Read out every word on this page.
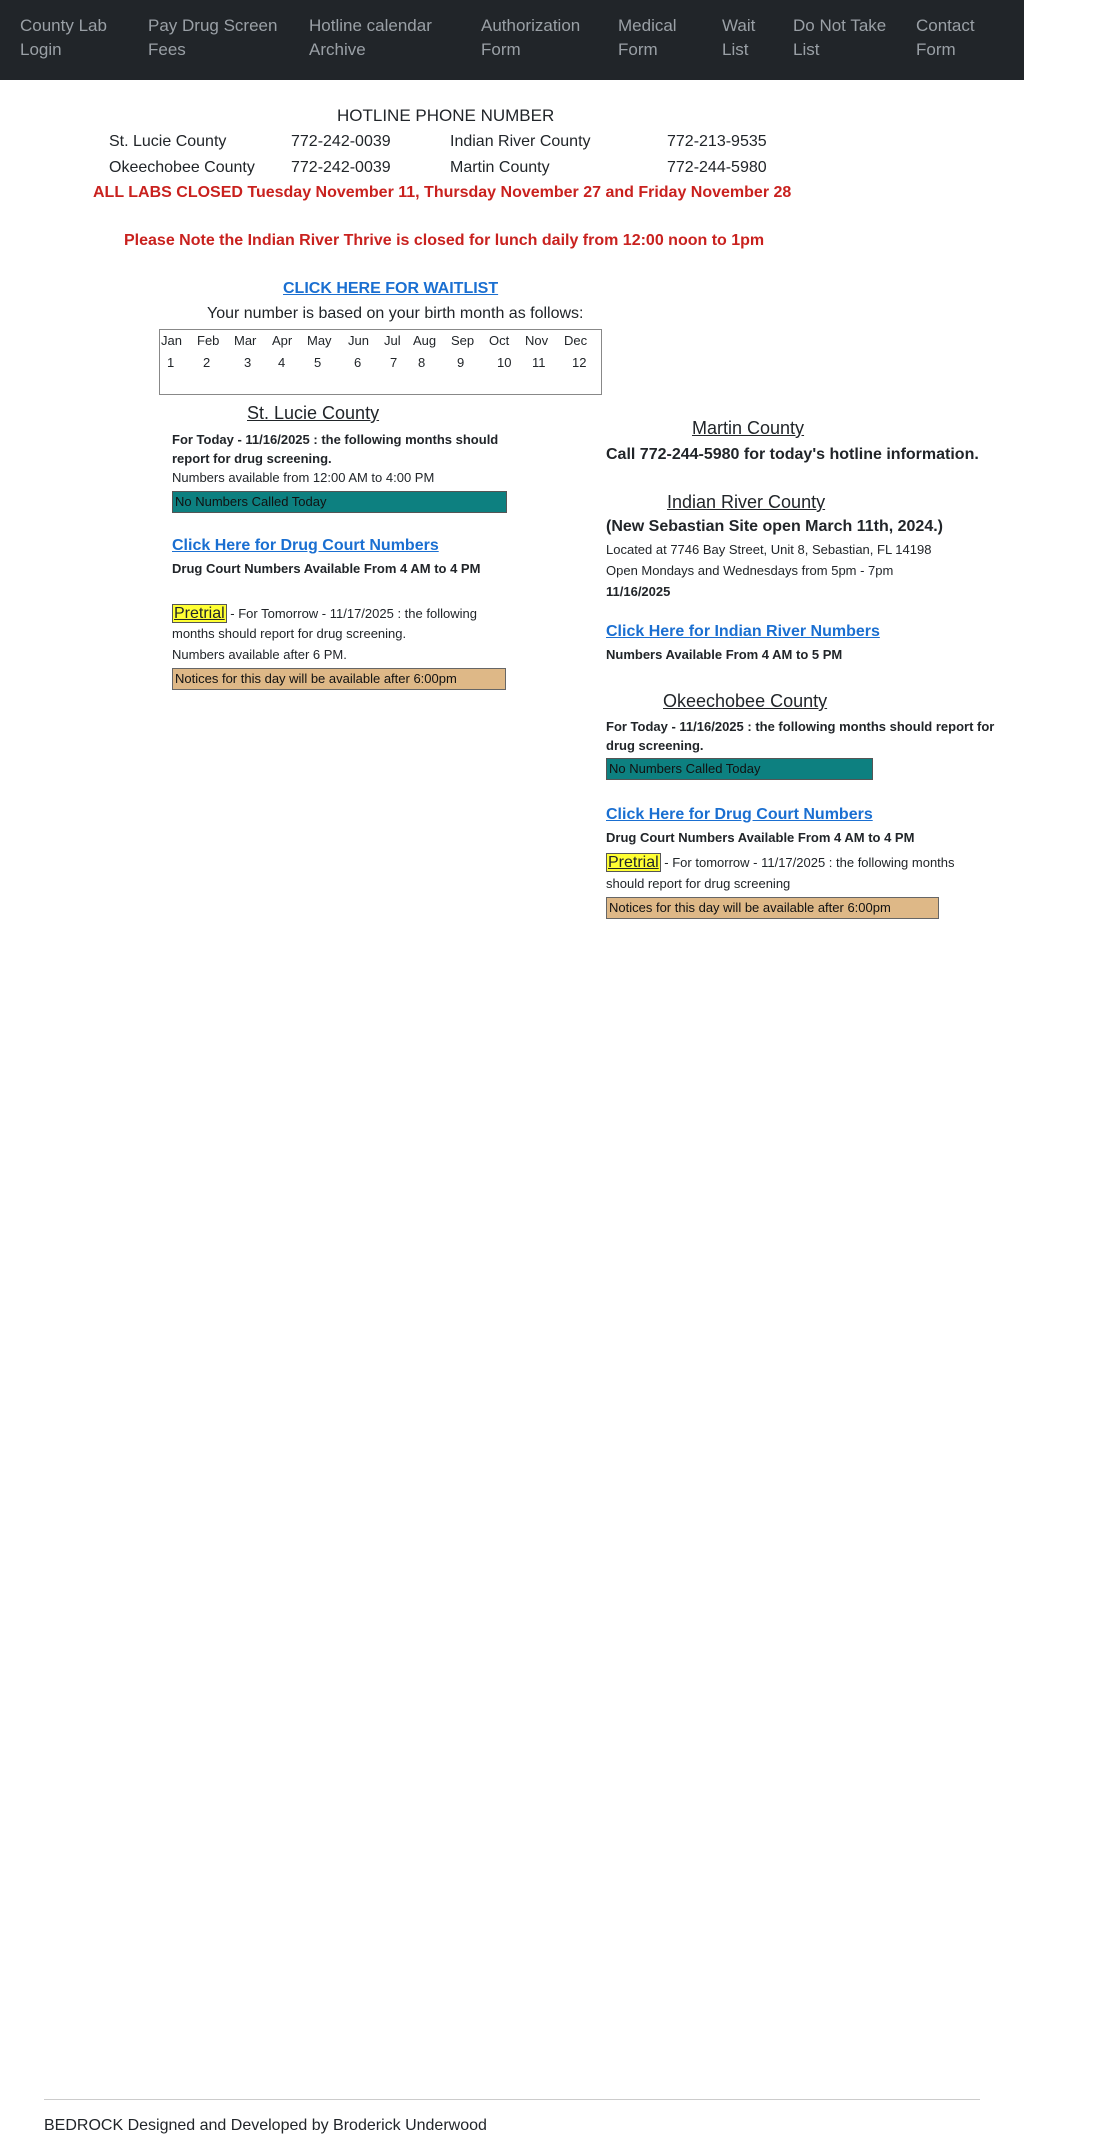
County Lab
Login
Pay Drug Screen
Fees
Hotline calendar
Archive
Authorization
Form
Medical
Form
Wait
List
Do Not Take
List
Contact
Form
HOTLINE PHONE NUMBER
St. Lucie County	772-242-0039	Indian River County	772-213-9535
Okeechobee County 772-242-0039	Martin County	772-244-5980
ALL LABS CLOSED Tuesday November 11, Thursday November 27 and Friday November 28
Please Note the Indian River Thrive is closed for lunch daily from 12:00 noon to 1pm
CLICK HERE FOR WAITLIST
Your number is based on your birth month as follows:
Jan Feb Mar Apr May Jun Jul Aug Sep Oct Nov Dec
1 2	3 4 5	6 7 8 9	10 11 12
St. Lucie County
For Today - 11/16/2025 : the following months should report for drug screening.
Numbers available from 12:00 AM to 4:00 PM
No Numbers Called Today
Click Here for Drug Court Numbers
Drug Court Numbers Available From 4 AM to 4 PM
Pretrial - For Tomorrow - 11/17/2025 : the following months should report for drug screening.
Numbers available after 6 PM.
Notices for this day will be available after 6:00pm
Martin County
Call 772-244-5980 for today's hotline information.
Indian River County
(New Sebastian Site open March 11th, 2024.)
Located at 7746 Bay Street, Unit 8, Sebastian, FL 14198
Open Mondays and Wednesdays from 5pm - 7pm
11/16/2025
Click Here for Indian River Numbers
Numbers Available From 4 AM to 5 PM
Okeechobee County
For Today - 11/16/2025 : the following months should report for drug screening.
No Numbers Called Today
Click Here for Drug Court Numbers
Drug Court Numbers Available From 4 AM to 4 PM
Pretrial - For tomorrow - 11/17/2025 : the following months should report for drug screening
Notices for this day will be available after 6:00pm
BEDROCK Designed and Developed by Broderick Underwood
